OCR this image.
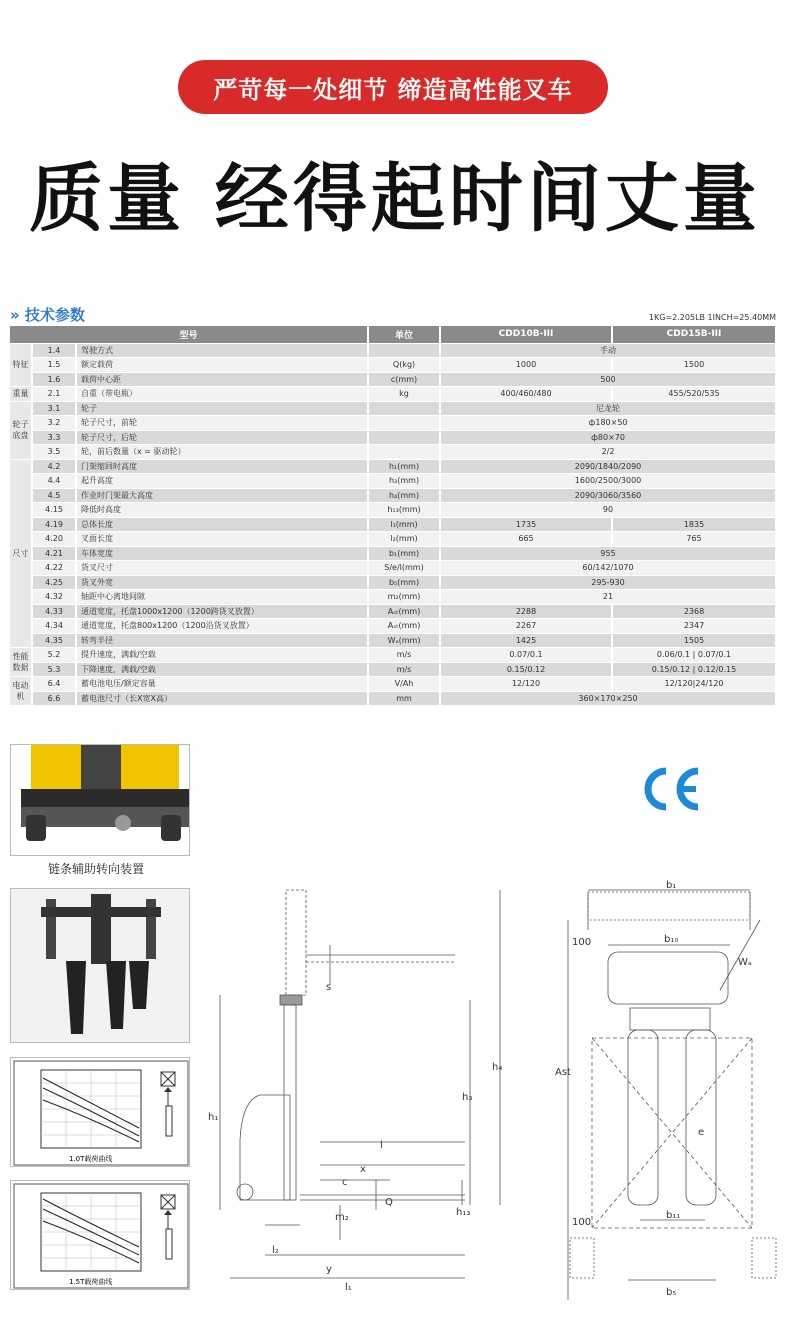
严苛每一处细节 缔造高性能叉车
质量 经得起时间丈量
» 技术参数	1KG=2.205LB 1INCH=25.40MM
型号			单位	CDD10B-III	CDD15B-III
特征	1.4	驾驶方式		手动	
	1.5	额定载荷	Q(kg)	1000	1500
	1.6	载荷中心距	c(mm)	500	
重量	2.1	自重（带电瓶）	kg	400/460/480	455/520/535
轮子底盘	3.1	轮子		尼龙轮	
	3.2	轮子尺寸，前轮		ф180×50	
	3.3	轮子尺寸，后轮		ф80×70	
	3.5	轮，前后数量（x = 驱动轮）		2/2	
尺寸	4.2	门架缩回时高度	h₁(mm)	2090/1840/2090	
	4.4	起升高度	h₃(mm)	1600/2500/3000	
	4.5	作业时门架最大高度	h₄(mm)	2090/3060/3560	
	4.15	降低时高度	h₁₃(mm)	90	
	4.19	总体长度	l₁(mm)	1735	1835
	4.20	叉面长度	l₂(mm)	665	765
	4.21	车体宽度	b₁(mm)	955	
	4.22	货叉尺寸	S/e/l(mm)	60/142/1070	
	4.25	货叉外宽	b₅(mm)	295-930	
	4.32	轴距中心离地间隙	m₂(mm)	21	
	4.33	通道宽度，托盘1000x1200（1200跨货叉放置）	Aₛₜ(mm)	2288	2368
	4.34	通道宽度，托盘800x1200（1200沿货叉放置）	Aₛₜ(mm)	2267	2347
	4.35	转弯半径	Wₐ(mm)	1425	1505
性能数据	5.2	提升速度，满载/空载	m/s	0.07/0.1	0.06/0.1 | 0.07/0.1
	5.3	下降速度，满载/空载	m/s	0.15/0.12	0.15/0.12 | 0.12/0.15
电动机	6.4	蓄电池电压/额定容量	V/Ah	12/120	12/120|24/120
	6.6	蓄电池尺寸（长X宽X高）	mm	360×170×250	
链条辅助转向装置
1.0T载荷曲线
1.5T载荷曲线
s
h₁
h₃
h₄
h₁₃
m₂
l
x
c
Q
l₂
y
l₁
b₁
b₁₀
b₁₁
b₅
e
Wₐ
Ast
100
100
